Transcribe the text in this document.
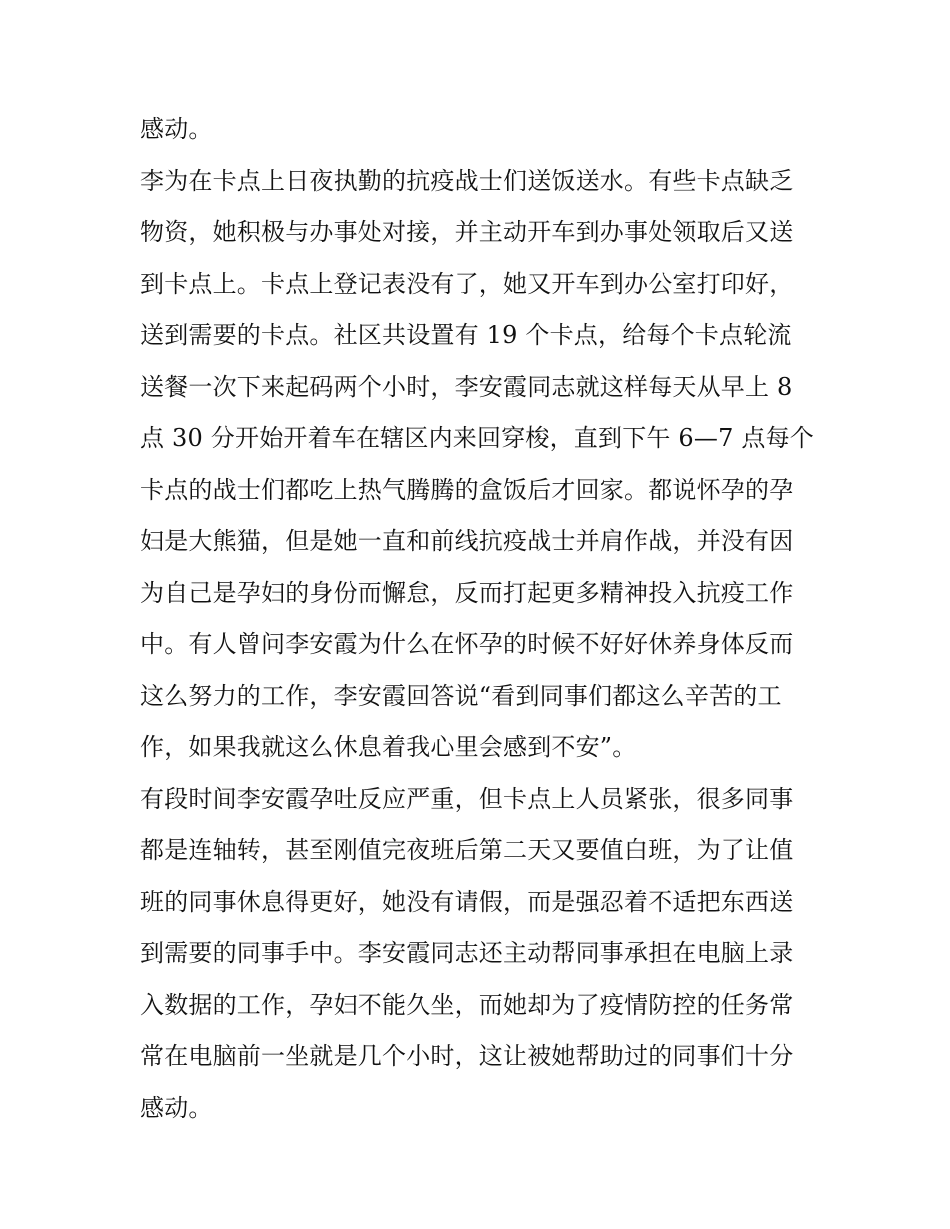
感动。
李为在卡点上日夜执勤的抗疫战士们送饭送水。有些卡点缺乏
物资，她积极与办事处对接，并主动开车到办事处领取后又送
到卡点上。卡点上登记表没有了，她又开车到办公室打印好，
送到需要的卡点。社区共设置有 19 个卡点，给每个卡点轮流
送餐一次下来起码两个小时，李安霞同志就这样每天从早上 8
点 30 分开始开着车在辖区内来回穿梭，直到下午 6—7 点每个
卡点的战士们都吃上热气腾腾的盒饭后才回家。都说怀孕的孕
妇是大熊猫，但是她一直和前线抗疫战士并肩作战，并没有因
为自己是孕妇的身份而懈怠，反而打起更多精神投入抗疫工作
中。有人曾问李安霞为什么在怀孕的时候不好好休养身体反而
这么努力的工作，李安霞回答说“看到同事们都这么辛苦的工
作，如果我就这么休息着我心里会感到不安”。
有段时间李安霞孕吐反应严重，但卡点上人员紧张，很多同事
都是连轴转，甚至刚值完夜班后第二天又要值白班，为了让值
班的同事休息得更好，她没有请假，而是强忍着不适把东西送
到需要的同事手中。李安霞同志还主动帮同事承担在电脑上录
入数据的工作，孕妇不能久坐，而她却为了疫情防控的任务常
常在电脑前一坐就是几个小时，这让被她帮助过的同事们十分
感动。
